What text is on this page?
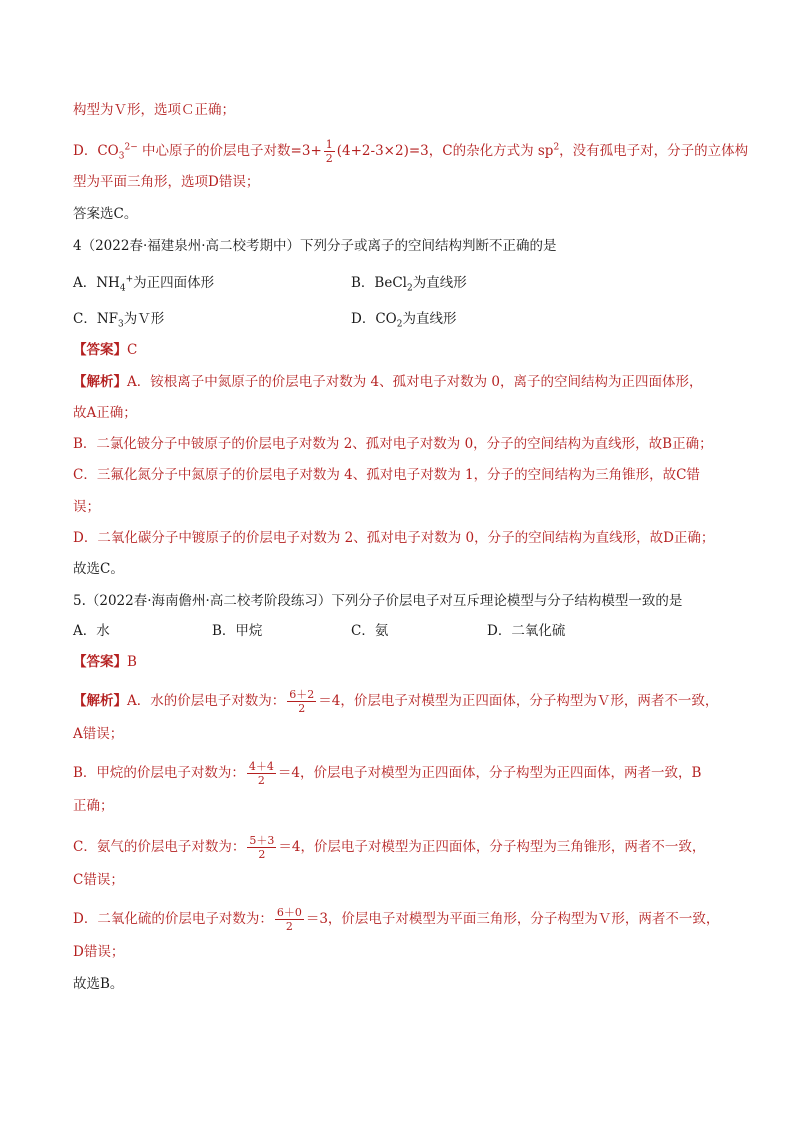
构型为Ｖ形，选项Ｃ正确；
D．$CO_3^{2-}$ 中心原子的价层电子对数$=3+ \frac{1}{2} (4+2-3\times 2)=3$，C的杂化方式为 $sp^2$，没有孤电子对，分子的立体构
型为平面三角形，选项D错误；
答案选C。
4（2022春·福建泉州·高二校考期中）下列分子或离子的空间结构判断不正确的是
A．$NH_4^+$为正四面体形	B．BeCl$_2$为直线形
C．$NF_3$为Ｖ形	D．$CO_2$为直线形
【答案】C
【解析】A．铵根离子中氮原子的价层电子对数为 4、孤对电子对数为 0，离子的空间结构为正四面体形，
故A正确；
B．二氯化铍分子中铍原子的价层电子对数为 2、孤对电子对数为 0，分子的空间结构为直线形，故B正确；
C．三氟化氮分子中氮原子的价层电子对数为 4、孤对电子对数为 1，分子的空间结构为三角锥形，故C错
误；
D．二氧化碳分子中镀原子的价层电子对数为 2、孤对电子对数为 0，分子的空间结构为直线形，故D正确；
故选C。
5.（2022春·海南儋州·高二校考阶段练习）下列分子价层电子对互斥理论模型与分子结构模型一致的是
A．水	B．甲烷	C．氨	D．二氧化硫
【答案】B
【解析】A．水的价层电子对数为： $\frac{6+2}{2} =4$，价层电子对模型为正四面体，分子构型为Ｖ形，两者不一致，
A错误；
B．甲烷的价层电子对数为： $\frac{4+4}{2} =4$，价层电子对模型为正四面体，分子构型为正四面体，两者一致，B
正确；
C．氨气的价层电子对数为： $\frac{5+3}{2} =4$，价层电子对模型为正四面体，分子构型为三角锥形，两者不一致，
C错误；
D．二氧化硫的价层电子对数为： $\frac{6+0}{2} =3$，价层电子对模型为平面三角形，分子构型为Ｖ形，两者不一致，
D错误；
故选B。
